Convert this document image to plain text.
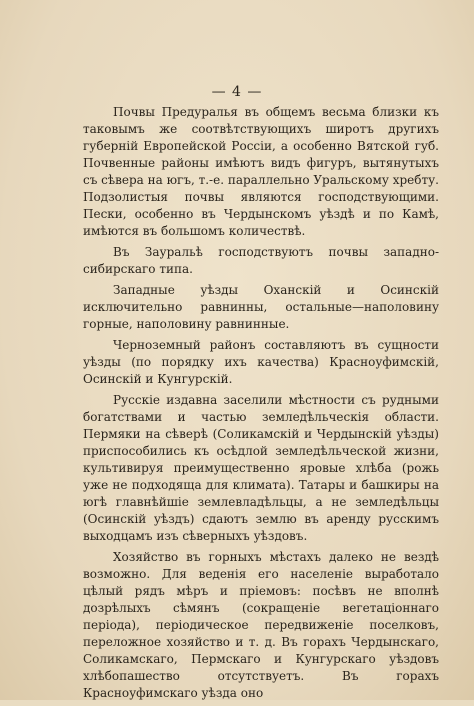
— 4 —

Почвы Предуралья въ общемъ весьма близки къ таковымъ же соотвѣтствующихъ широтъ другихъ губерній Европейской Россіи, а особенно Вятской губ. Почвенные районы имѣютъ видъ фигуръ, вытянутыхъ съ сѣвера на югъ, т.-е. параллельно Уральскому хребту. Подзолистыя почвы являются господствующими. Пески, особенно въ Чердынскомъ уѣздѣ и по Камѣ, имѣются въ большомъ количествѣ.

Въ Зауральѣ господствуютъ почвы западно-сибирскаго типа.

Западные уѣзды Оханскій и Осинскій исключительно равнинны, остальные—наполовину горные, наполовину равнинные.

Черноземный районъ составляютъ въ сущности уѣзды (по порядку ихъ качества) Красноуфимскій, Осинскій и Кунгурскій.

Русскіе издавна заселили мѣстности съ рудными богатствами и частью земледѣльческія области. Пермяки на сѣверѣ (Соликамскій и Чердынскій уѣзды) приспособились къ осѣдлой земледѣльческой жизни, культивируя преимущественно яровые хлѣба (рожь уже не подходяща для климата). Татары и башкиры на югѣ главнѣйшіе землевладѣльцы, а не земледѣльцы (Осинскій уѣздъ) сдаютъ землю въ аренду русскимъ выходцамъ изъ сѣверныхъ уѣздовъ.

Хозяйство въ горныхъ мѣстахъ далеко не вездѣ возможно. Для веденія его населеніе выработало цѣлый рядъ мѣръ и пріемовъ: посѣвъ не вполнѣ дозрѣлыхъ сѣмянъ (сокращеніе вегетаціоннаго періода), періодическое передвиженіе поселковъ, переложное хозяйство и т. д. Въ горахъ Чердынскаго, Соликамскаго, Пермскаго и Кунгурскаго уѣздовъ хлѣбопашество отсутствуетъ. Въ горахъ Красноуфимскаго уѣзда оно
